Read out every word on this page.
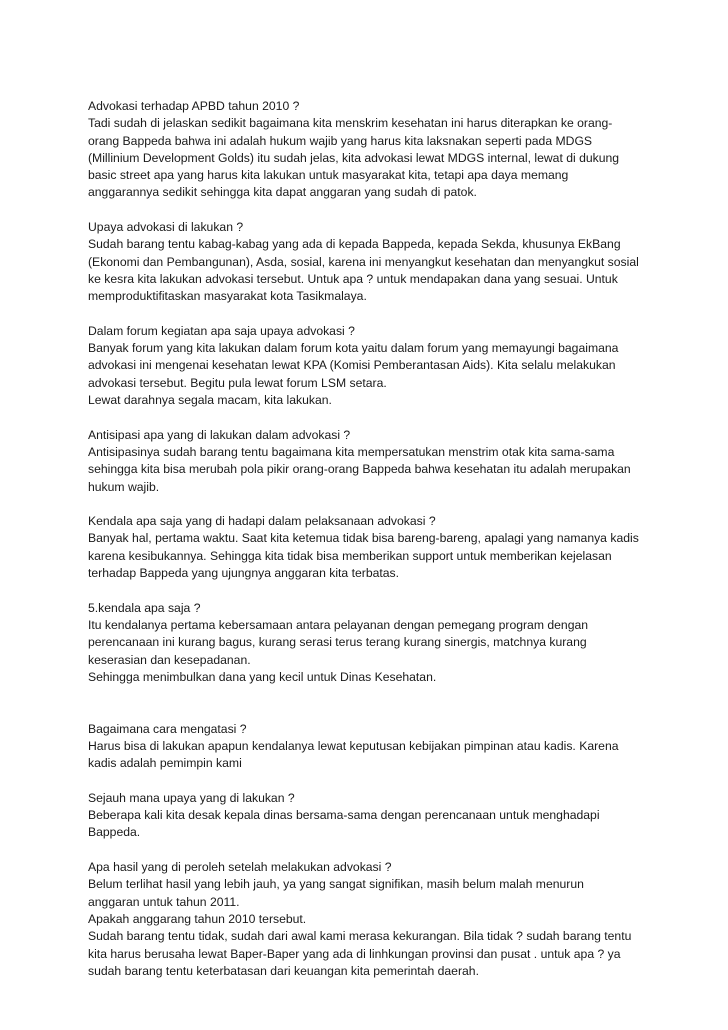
Advokasi terhadap APBD tahun 2010 ?
Tadi sudah di jelaskan sedikit bagaimana kita menskrim kesehatan ini harus diterapkan ke orang-
orang Bappeda bahwa ini adalah hukum wajib yang harus kita laksnakan seperti pada MDGS
(Millinium Development Golds) itu sudah jelas, kita advokasi lewat MDGS internal, lewat di dukung
basic street apa yang harus kita lakukan untuk masyarakat kita, tetapi apa daya memang
anggarannya sedikit sehingga kita dapat anggaran yang sudah di patok.
Upaya advokasi di lakukan ?
Sudah barang tentu kabag-kabag yang ada di kepada Bappeda, kepada Sekda, khusunya EkBang
(Ekonomi dan Pembangunan), Asda, sosial, karena ini menyangkut kesehatan dan menyangkut sosial
ke kesra kita lakukan advokasi tersebut. Untuk apa ? untuk mendapakan dana yang sesuai. Untuk
memproduktifitaskan masyarakat kota Tasikmalaya.
Dalam forum kegiatan apa saja upaya advokasi ?
Banyak forum yang kita lakukan dalam forum kota yaitu dalam forum yang memayungi bagaimana
advokasi ini mengenai kesehatan lewat KPA (Komisi Pemberantasan Aids). Kita selalu melakukan
advokasi tersebut. Begitu pula lewat forum LSM setara.
Lewat darahnya segala macam, kita lakukan.
Antisipasi apa yang di lakukan dalam advokasi ?
Antisipasinya sudah barang tentu bagaimana kita mempersatukan menstrim otak kita sama-sama
sehingga kita bisa merubah pola pikir orang-orang Bappeda bahwa kesehatan itu adalah merupakan
hukum wajib.
Kendala apa saja yang di hadapi dalam pelaksanaan advokasi ?
Banyak hal, pertama waktu. Saat kita ketemua tidak bisa bareng-bareng, apalagi yang namanya kadis
karena kesibukannya. Sehingga kita tidak bisa memberikan support untuk memberikan kejelasan
terhadap Bappeda yang ujungnya anggaran kita terbatas.
5.kendala apa saja ?
Itu kendalanya pertama kebersamaan antara pelayanan dengan pemegang program dengan
perencanaan ini kurang bagus, kurang serasi terus terang kurang sinergis, matchnya kurang
keserasian dan kesepadanan.
Sehingga menimbulkan dana yang kecil untuk Dinas Kesehatan.
Bagaimana cara mengatasi ?
Harus bisa di lakukan apapun kendalanya lewat keputusan kebijakan pimpinan atau kadis. Karena
kadis adalah pemimpin kami
Sejauh mana upaya yang di lakukan ?
Beberapa kali kita desak kepala dinas bersama-sama dengan perencanaan untuk menghadapi
Bappeda.
Apa hasil yang di peroleh setelah melakukan advokasi ?
Belum terlihat hasil yang lebih jauh, ya yang sangat signifikan, masih belum malah menurun
anggaran untuk tahun 2011.
Apakah anggarang tahun 2010 tersebut.
Sudah barang tentu tidak, sudah dari awal kami merasa kekurangan. Bila tidak ? sudah barang tentu
kita harus berusaha lewat Baper-Baper yang ada di linhkungan provinsi dan pusat . untuk apa ? ya
sudah barang tentu keterbatasan dari keuangan kita pemerintah daerah.
